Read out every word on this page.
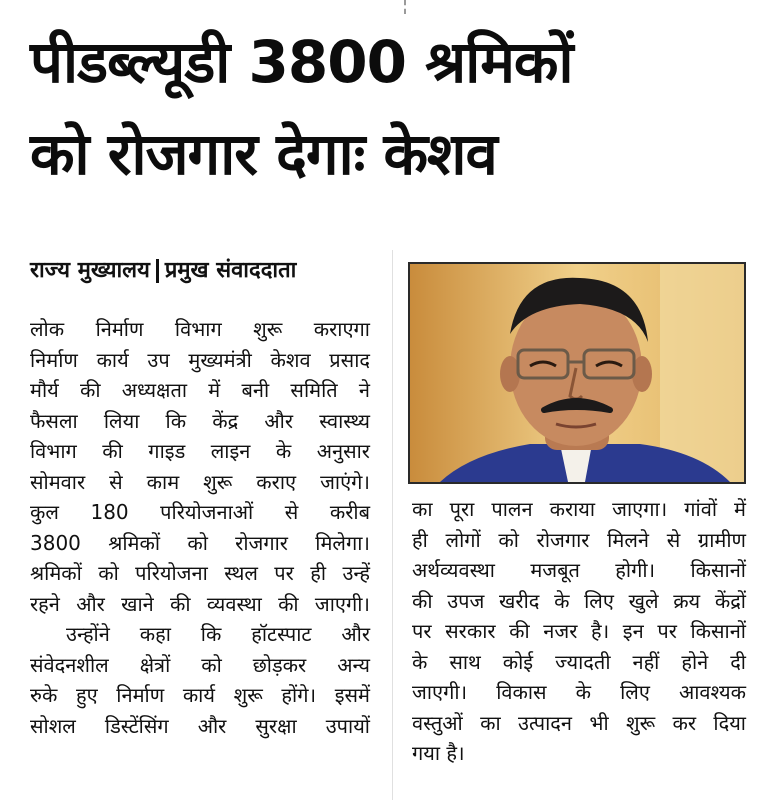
पीडब्ल्यूडी 3800 श्रमिकों
को रोजगार देगाः केशव
राज्य मुख्यालय प्रमुख संवाददाता

लोक निर्माण विभाग शुरू कराएगा

निर्माण कार्य उप मुख्यमंत्री केशव प्रसाद

मौर्य की अध्यक्षता में बनी समिति ने

फैसला लिया कि केंद्र और स्वास्थ्य

विभाग की गाइड लाइन के अनुसार

सोमवार से काम शुरू कराए जाएंगे।

कुल 180 परियोजनाओं से करीब

3800 श्रमिकों को रोजगार मिलेगा।

श्रमिकों को परियोजना स्थल पर ही उन्हें

रहने और खाने की व्यवस्था की जाएगी।

उन्होंने कहा कि हॉटस्पाट और

संवेदनशील क्षेत्रों को छोड़कर अन्य

रुके हुए निर्माण कार्य शुरू होंगे। इसमें

सोशल डिस्टेंसिंग और सुरक्षा उपायों

का पूरा पालन कराया जाएगा। गांवों में

ही लोगों को रोजगार मिलने से ग्रामीण

अर्थव्यवस्था मजबूत होगी। किसानों

की उपज खरीद के लिए खुले क्रय केंद्रों

पर सरकार की नजर है। इन पर किसानों

के साथ कोई ज्यादती नहीं होने दी

जाएगी। विकास के लिए आवश्यक

वस्तुओं का उत्पादन भी शुरू कर दिया

गया है।
